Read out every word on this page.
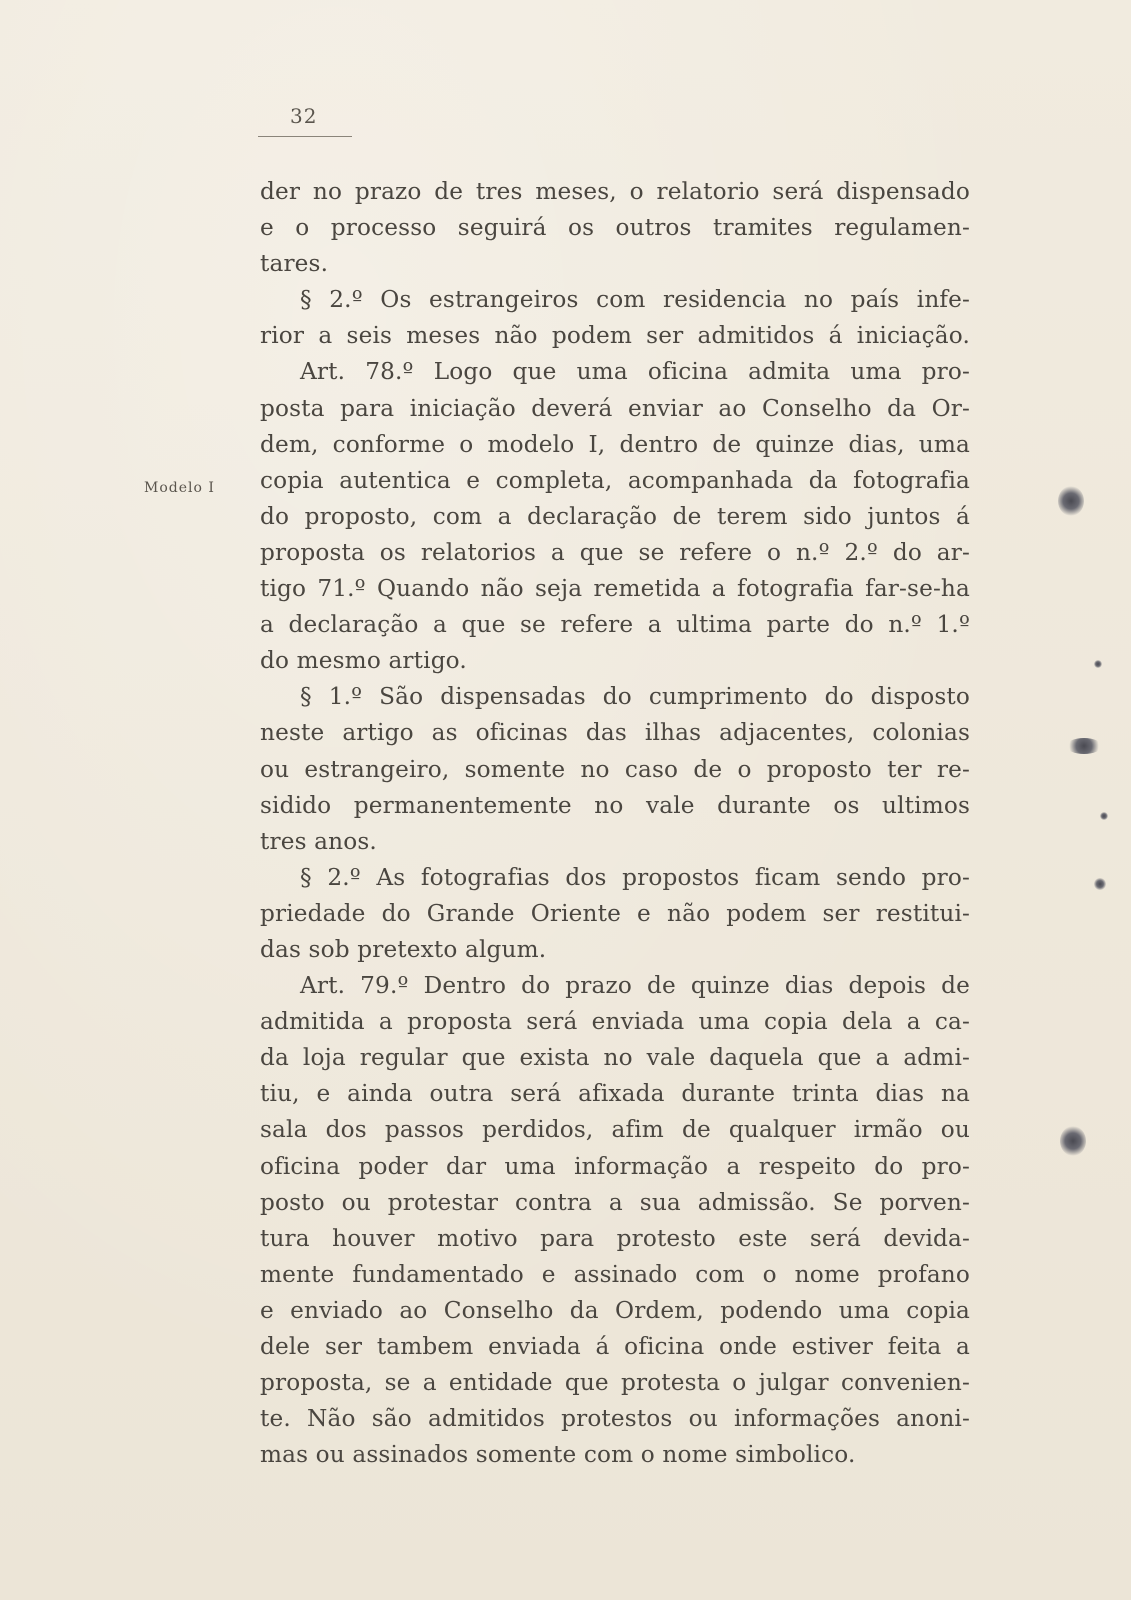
32
Modelo I
der no prazo de tres meses, o relatorio será dispensado
e o processo seguirá os outros tramites regulamen-
tares.
§ 2.º Os estrangeiros com residencia no país infe-
rior a seis meses não podem ser admitidos á iniciação.
Art. 78.º Logo que uma oficina admita uma pro-
posta para iniciação deverá enviar ao Conselho da Or-
dem, conforme o modelo I, dentro de quinze dias, uma
copia autentica e completa, acompanhada da fotografia
do proposto, com a declaração de terem sido juntos á
proposta os relatorios a que se refere o n.º 2.º do ar-
tigo 71.º Quando não seja remetida a fotografia far-se-ha
a declaração a que se refere a ultima parte do n.º 1.º
do mesmo artigo.
§ 1.º São dispensadas do cumprimento do disposto
neste artigo as oficinas das ilhas adjacentes, colonias
ou estrangeiro, somente no caso de o proposto ter re-
sidido permanentemente no vale durante os ultimos
tres anos.
§ 2.º As fotografias dos propostos ficam sendo pro-
priedade do Grande Oriente e não podem ser restitui-
das sob pretexto algum.
Art. 79.º Dentro do prazo de quinze dias depois de
admitida a proposta será enviada uma copia dela a ca-
da loja regular que exista no vale daquela que a admi-
tiu, e ainda outra será afixada durante trinta dias na
sala dos passos perdidos, afim de qualquer irmão ou
oficina poder dar uma informação a respeito do pro-
posto ou protestar contra a sua admissão. Se porven-
tura houver motivo para protesto este será devida-
mente fundamentado e assinado com o nome profano
e enviado ao Conselho da Ordem, podendo uma copia
dele ser tambem enviada á oficina onde estiver feita a
proposta, se a entidade que protesta o julgar convenien-
te. Não são admitidos protestos ou informações anoni-
mas ou assinados somente com o nome simbolico.
